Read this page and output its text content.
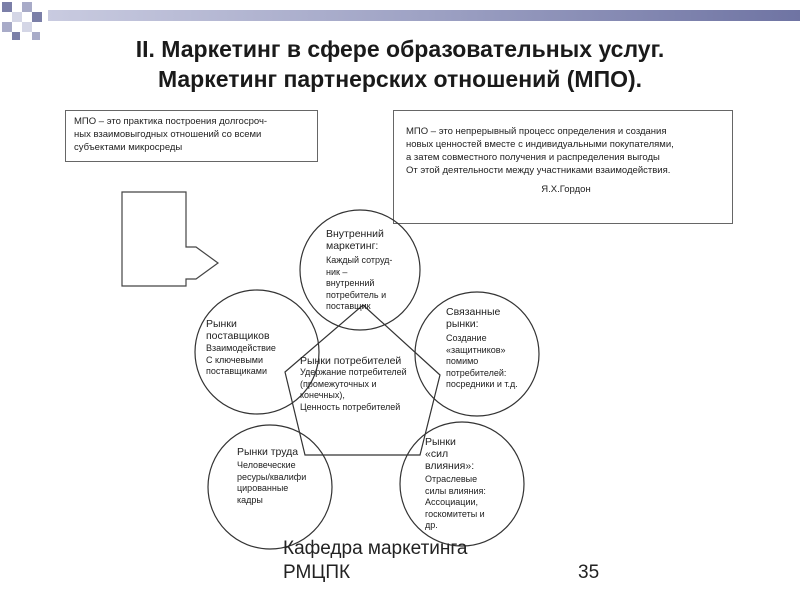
II. Маркетинг в сфере образовательных услуг.
Маркетинг партнерских отношений (МПО).

МПО – это практика построения долгосроч-

ных взаимовыгодных отношений со всеми

субъектами микросреды

МПО – это непрерывный процесс определения и создания

новых ценностей вместе с индивидуальными покупателями,

а затем совместного получения и распределения выгоды

От этой деятельности между участниками взаимодействия.

Я.Х.Гордон

Внутренний
маркетинг:
Каждый сотруд-
ник –
внутренний
потребитель и
поставщик
Рынки
поставщиков
Взаимодействие
С ключевыми
поставщиками
Связанные
рынки:
Создание
«защитников»
помимо
потребителей:
посредники и т.д.
Рынки потребителей
Удержание потребителей
(промежуточных и
конечных),
Ценность потребителей
Рынки труда
Человеческие
ресуры/квалифи
цированные
кадры
Рынки
«сил
влияния»:
Отраслевые
силы влияния:
Ассоциации,
госкомитеты и
др.
Кафедра маркетинга
РМЦПК	35
